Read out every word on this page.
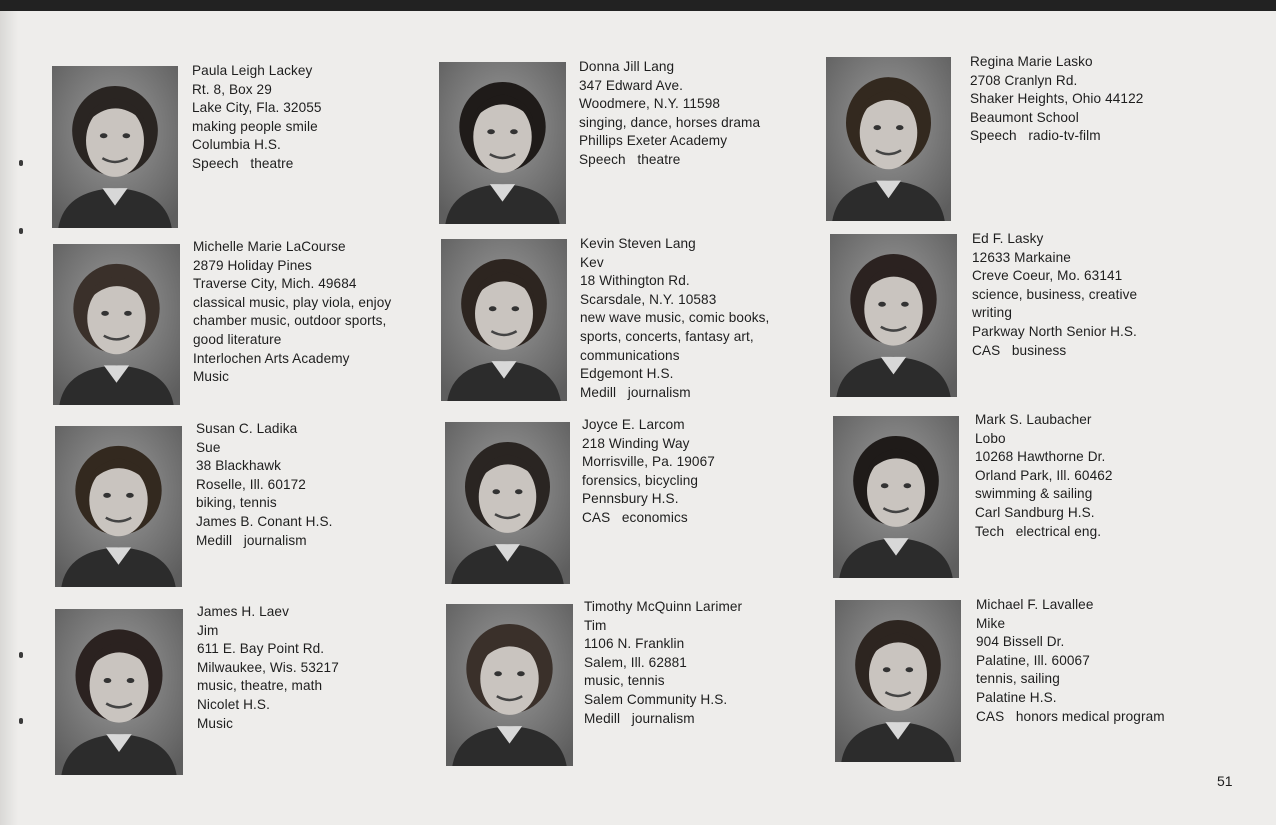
Paula Leigh Lackey
Rt. 8, Box 29
Lake City, Fla. 32055
making people smile
Columbia H.S.
Speech   theatre
Michelle Marie LaCourse
2879 Holiday Pines
Traverse City, Mich. 49684
classical music, play viola, enjoy
chamber music, outdoor sports,
good literature
Interlochen Arts Academy
Music
Susan C. Ladika
Sue
38 Blackhawk
Roselle, Ill. 60172
biking, tennis
James B. Conant H.S.
Medill   journalism
James H. Laev
Jim
611 E. Bay Point Rd.
Milwaukee, Wis. 53217
music, theatre, math
Nicolet H.S.
Music
Donna Jill Lang
347 Edward Ave.
Woodmere, N.Y. 11598
singing, dance, horses drama
Phillips Exeter Academy
Speech   theatre
Kevin Steven Lang
Kev
18 Withington Rd.
Scarsdale, N.Y. 10583
new wave music, comic books,
sports, concerts, fantasy art,
communications
Edgemont H.S.
Medill   journalism
Joyce E. Larcom
218 Winding Way
Morrisville, Pa. 19067
forensics, bicycling
Pennsbury H.S.
CAS   economics
Timothy McQuinn Larimer
Tim
1106 N. Franklin
Salem, Ill. 62881
music, tennis
Salem Community H.S.
Medill   journalism
Regina Marie Lasko
2708 Cranlyn Rd.
Shaker Heights, Ohio 44122
Beaumont School
Speech   radio-tv-film
Ed F. Lasky
12633 Markaine
Creve Coeur, Mo. 63141
science, business, creative
writing
Parkway North Senior H.S.
CAS   business
Mark S. Laubacher
Lobo
10268 Hawthorne Dr.
Orland Park, Ill. 60462
swimming & sailing
Carl Sandburg H.S.
Tech   electrical eng.
Michael F. Lavallee
Mike
904 Bissell Dr.
Palatine, Ill. 60067
tennis, sailing
Palatine H.S.
CAS   honors medical program
51
